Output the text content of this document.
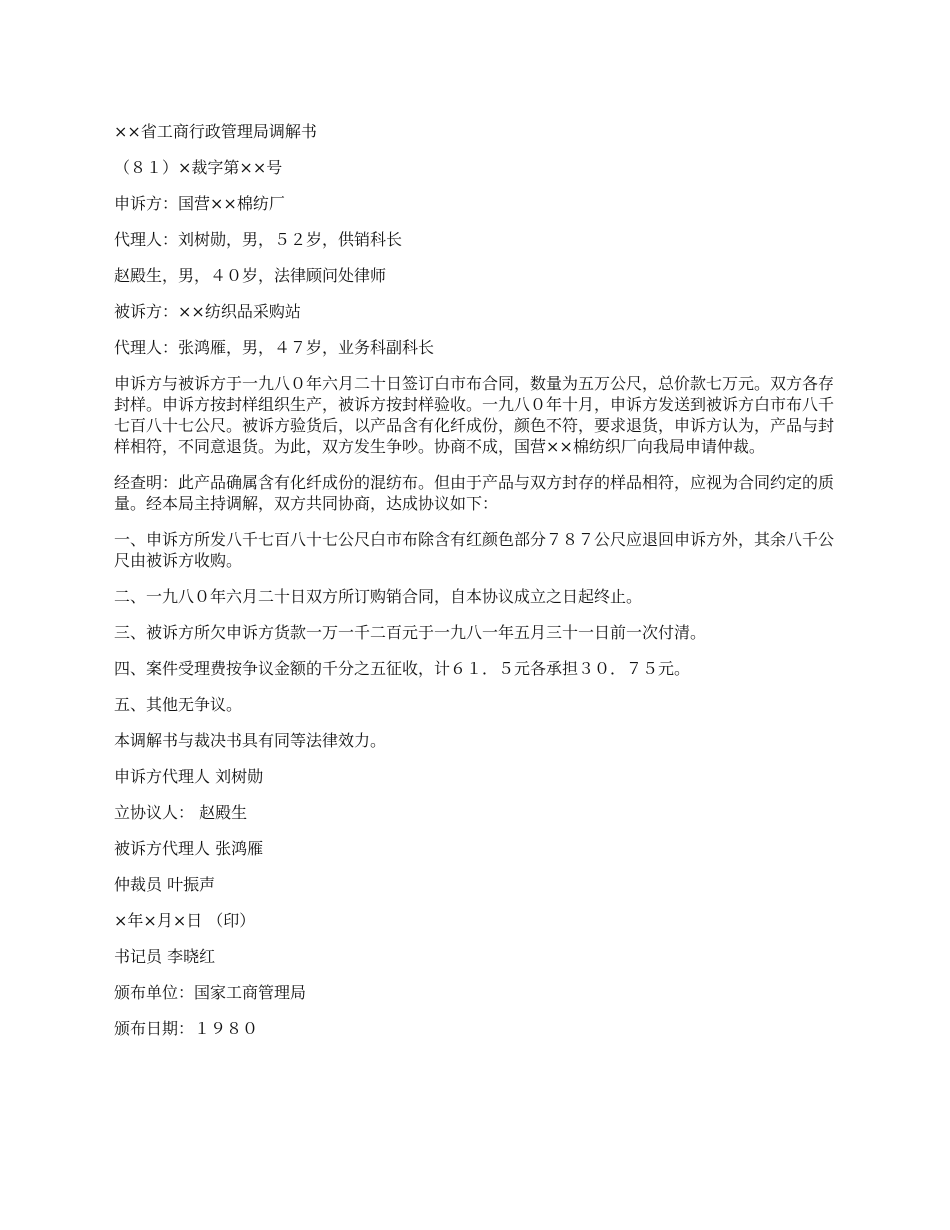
××省工商行政管理局调解书

（８１）×裁字第××号

申诉方：国营××棉纺厂

代理人：刘树勋，男，５２岁，供销科长

赵殿生，男，４０岁，法律顾问处律师

被诉方：××纺织品采购站

代理人：张鸿雁，男，４７岁，业务科副科长

申诉方与被诉方于一九八０年六月二十日签订白市布合同，数量为五万公尺，总价款七万元。双方各存封样。申诉方按封样组织生产，被诉方按封样验收。一九八０年十月，申诉方发送到被诉方白市布八千七百八十七公尺。被诉方验货后，以产品含有化纤成份，颜色不符，要求退货，申诉方认为，产品与封样相符，不同意退货。为此，双方发生争吵。协商不成，国营××棉纺织厂向我局申请仲裁。

经查明：此产品确属含有化纤成份的混纺布。但由于产品与双方封存的样品相符，应视为合同约定的质量。经本局主持调解，双方共同协商，达成协议如下：

一、申诉方所发八千七百八十七公尺白市布除含有红颜色部分７８７公尺应退回申诉方外，其余八千公尺由被诉方收购。

二、一九八０年六月二十日双方所订购销合同，自本协议成立之日起终止。

三、被诉方所欠申诉方货款一万一千二百元于一九八一年五月三十一日前一次付清。

四、案件受理费按争议金额的千分之五征收，计６１．５元各承担３０．７５元。

五、其他无争议。

本调解书与裁决书具有同等法律效力。

申诉方代理人 刘树勋

立协议人： 赵殿生

被诉方代理人 张鸿雁

仲裁员 叶振声

×年×月×日 （印）

书记员 李晓红

颁布单位：国家工商管理局

颁布日期：１９８０
